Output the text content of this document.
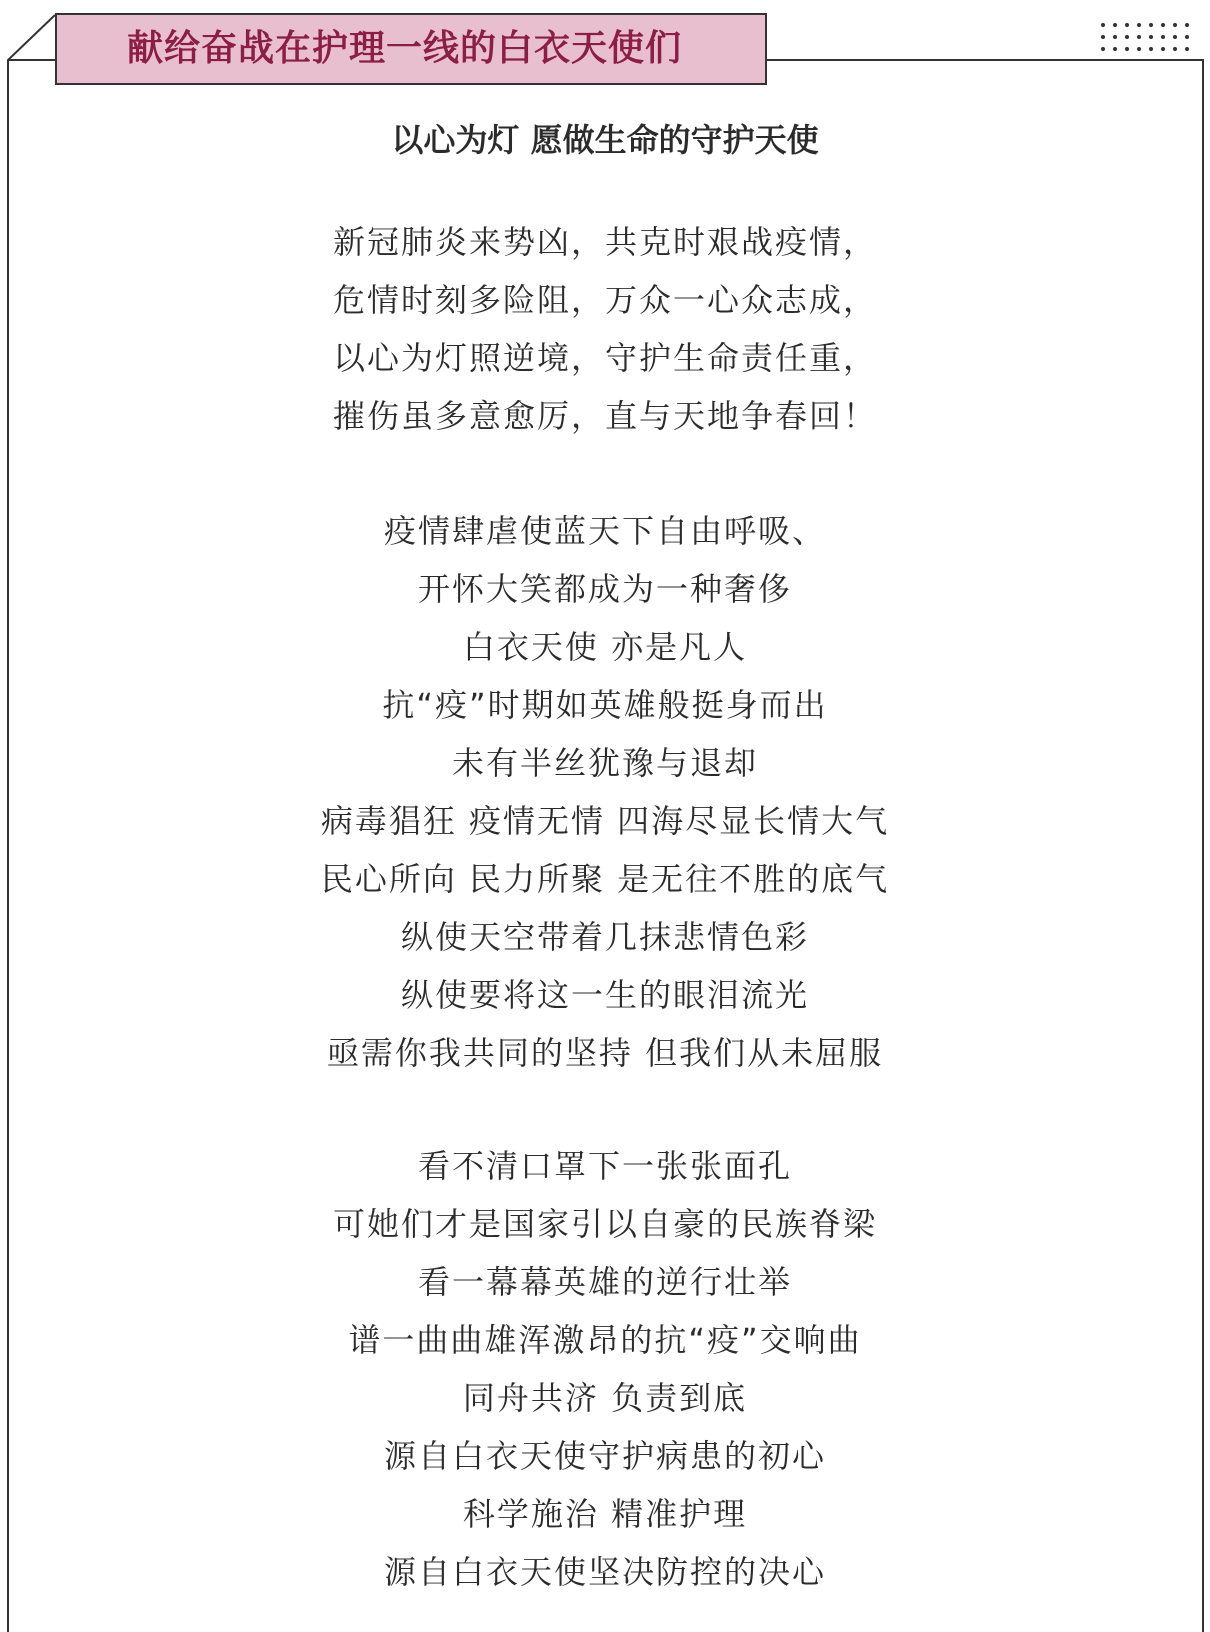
献给奋战在护理一线的白衣天使们
以心为灯 愿做生命的守护天使
新冠肺炎来势凶，共克时艰战疫情，
危情时刻多险阻，万众一心众志成，
以心为灯照逆境，守护生命责任重，
摧伤虽多意愈厉，直与天地争春回！
疫情肆虐使蓝天下自由呼吸、
开怀大笑都成为一种奢侈
白衣天使 亦是凡人
抗“疫”时期如英雄般挺身而出
未有半丝犹豫与退却
病毒猖狂 疫情无情 四海尽显长情大气
民心所向 民力所聚 是无往不胜的底气
纵使天空带着几抹悲情色彩
纵使要将这一生的眼泪流光
亟需你我共同的坚持 但我们从未屈服
看不清口罩下一张张面孔
可她们才是国家引以自豪的民族脊梁
看一幕幕英雄的逆行壮举
谱一曲曲雄浑激昂的抗“疫”交响曲
同舟共济 负责到底
源自白衣天使守护病患的初心
科学施治 精准护理
源自白衣天使坚决防控的决心
